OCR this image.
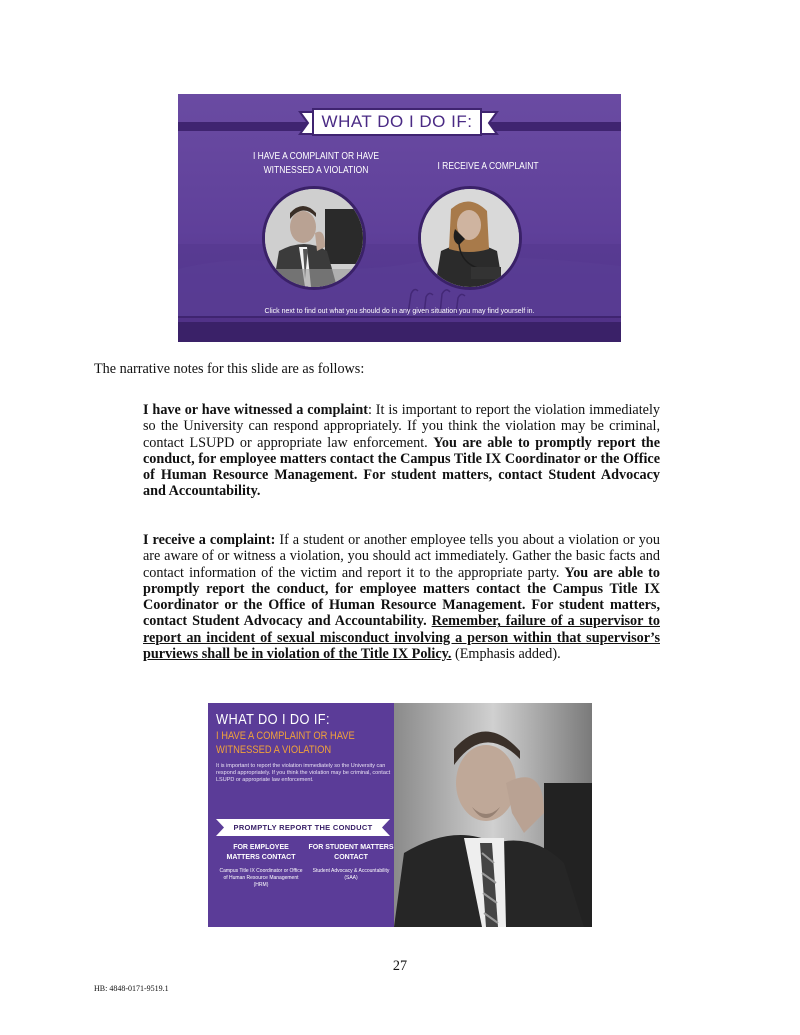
WHAT DO I DO IF:
I HAVE A COMPLAINT OR HAVE WITNESSED A VIOLATION	I RECEIVE A COMPLAINT
Click next to find out what you should do in any given situation you may find yourself in.
The narrative notes for this slide are as follows:
I have or have witnessed a complaint: It is important to report the violation immediately so the University can respond appropriately. If you think the violation may be criminal, contact LSUPD or appropriate law enforcement. You are able to promptly report the conduct, for employee matters contact the Campus Title IX Coordinator or the Office of Human Resource Management. For student matters, contact Student Advocacy and Accountability.
I receive a complaint: If a student or another employee tells you about a violation or you are aware of or witness a violation, you should act immediately. Gather the basic facts and contact information of the victim and report it to the appropriate party. You are able to promptly report the conduct, for employee matters contact the Campus Title IX Coordinator or the Office of Human Resource Management. For student matters, contact Student Advocacy and Accountability. Remember, failure of a supervisor to report an incident of sexual misconduct involving a person within that supervisor’s purviews shall be in violation of the Title IX Policy. (Emphasis added).
WHAT DO I DO IF:
I HAVE A COMPLAINT OR HAVE WITNESSED A VIOLATION
It is important to report the violation immediately so the University can respond appropriately. If you think the violation may be criminal, contact LSUPD or appropriate law enforcement.
PROMPTLY REPORT THE CONDUCT
FOR EMPLOYEE MATTERS CONTACT
FOR STUDENT MATTERS CONTACT
Campus Title IX Coordinator or Office of Human Resource Management (HRM)
Student Advocacy & Accountability (SAA)
27
HB: 4848-0171-9519.1
